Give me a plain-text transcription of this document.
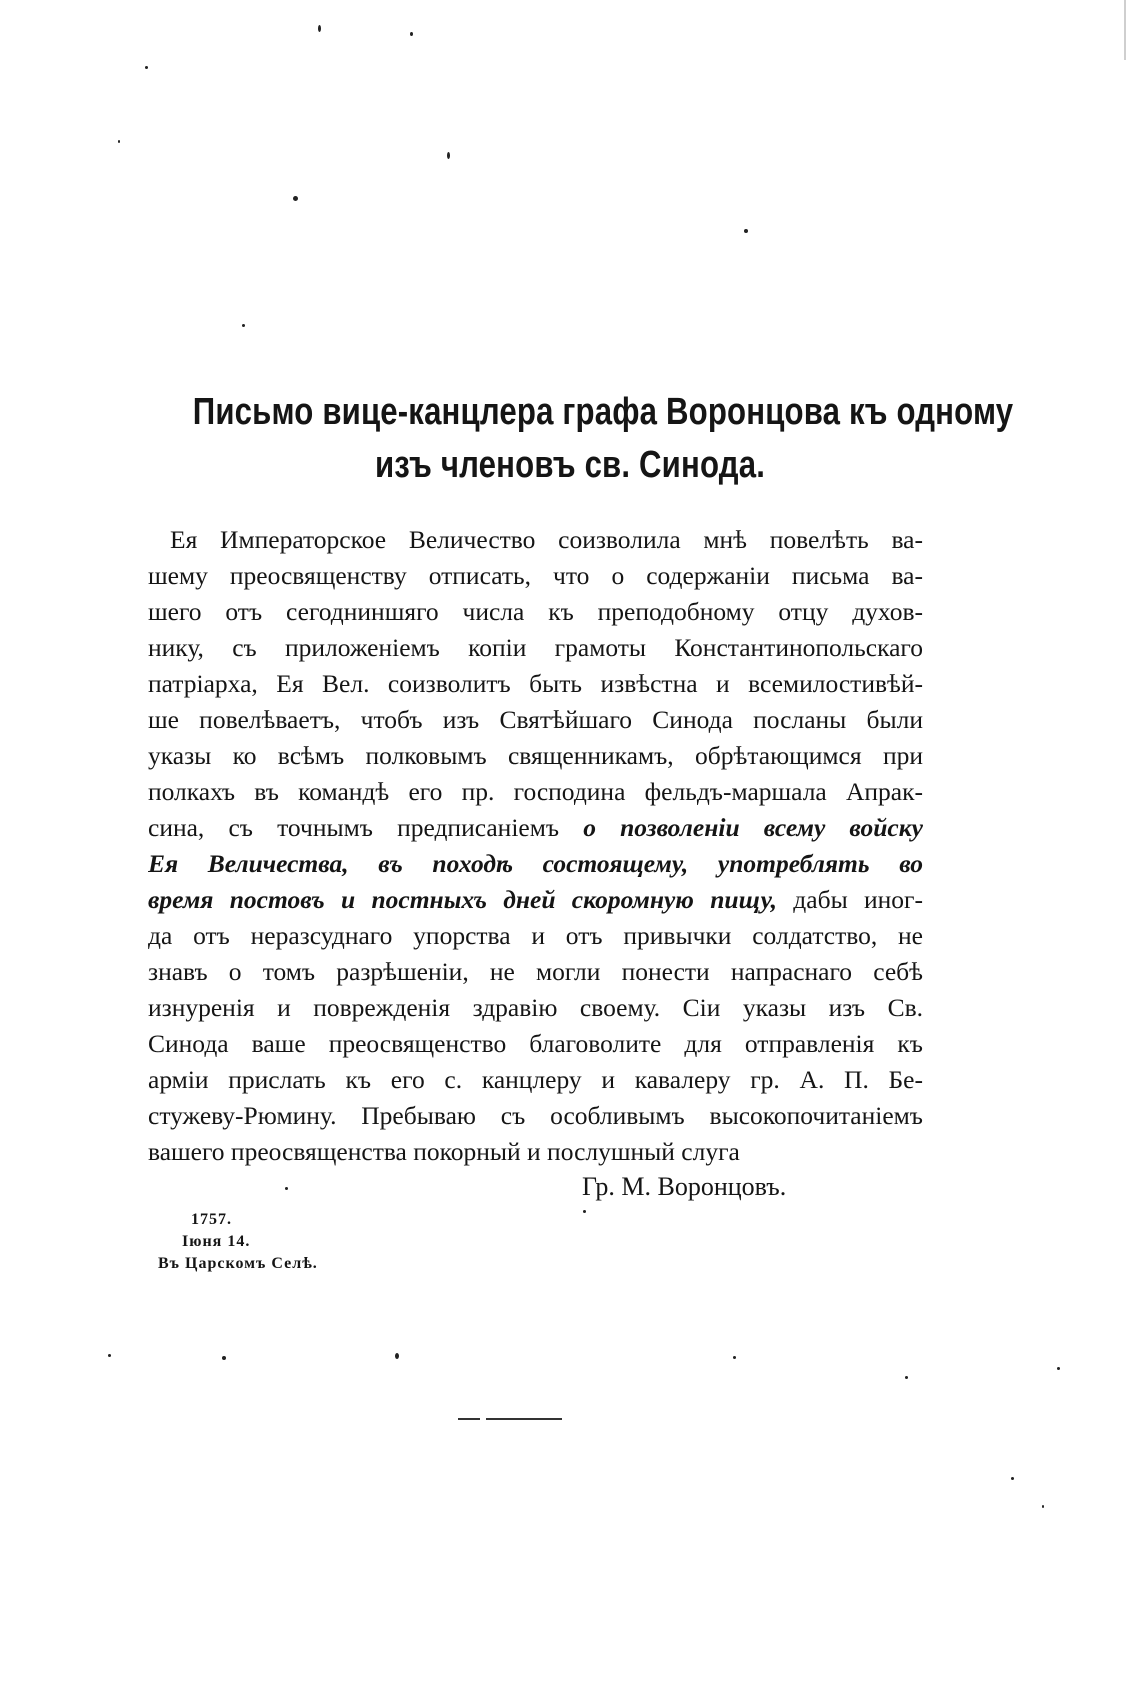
Письмо вице-канцлера графа Воронцова къ одному
изъ членовъ св. Синода.
Ея Императорское Величество соизволила мнѣ повелѣть ва-
шему преосвященству отписать, что о содержаніи письма ва-
шего отъ сегодниншяго числа къ преподобному отцу духов-
нику, съ приложеніемъ копіи грамоты Константинопольскаго
патріарха, Ея Вел. соизволитъ быть извѣстна и всемилостивѣй-
ше повелѣваетъ, чтобъ изъ Святѣйшаго Синода посланы были
указы ко всѣмъ полковымъ священникамъ, обрѣтающимся при
полкахъ въ командѣ его пр. господина фельдъ-маршала Апрак-
сина, съ точнымъ предписаніемъ о позволеніи всему войску
Ея Величества, въ походѣ состоящему, употреблять во
время постовъ и постныхъ дней скоромную пищу, дабы иног-
да отъ неразсуднаго упорства и отъ привычки солдатство, не
знавъ о томъ разрѣшеніи, не могли понести напраснаго себѣ
изнуренія и поврежденія здравію своему. Сіи указы изъ Св.
Синода ваше преосвященство благоволите для отправленія къ
арміи прислать къ его с. канцлеру и кавалеру гр. А. П. Бе-
стужеву-Рюмину. Пребываю съ особливымъ высокопочитаніемъ
вашего преосвященства покорный и послушный слуга
Гр. М. Воронцовъ.
1757.
Іюня 14.
Въ Царскомъ Селѣ.
